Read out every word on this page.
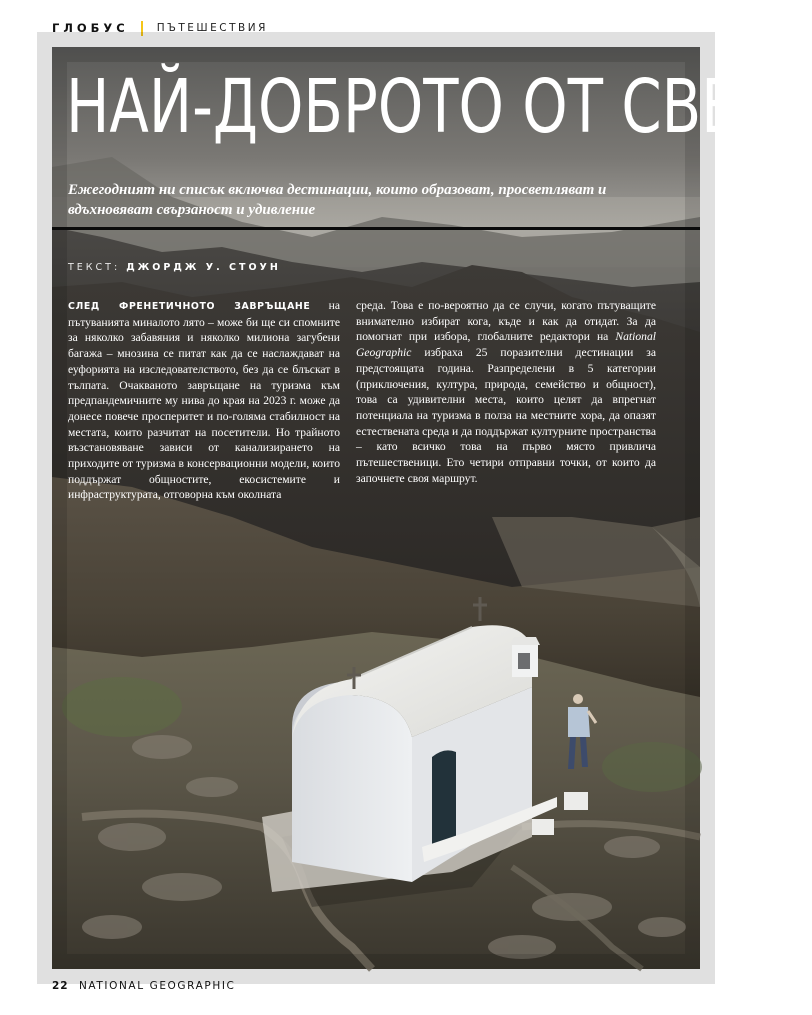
ГЛОБУС	ПЪТЕШЕСТВИЯ
НАЙ-ДОБРОТО ОТ СВЕТА

Ежегодният ни списък включва дестинации, които образоват, просветляват и вдъхновяват свързаност и удивление

ТЕКСТ: ДЖОРДЖ У. СТОУН

СЛЕД ФРЕНЕТИЧНОТО ЗАВРЪЩАНЕ на пътуванията миналото лято – може би ще си спомните за няколко забавяния и няколко милиона загубени багажа – мнозина се питат как да се наслаждават на еуфорията на изследователството, без да се блъскат в тълпата. Очакваното завръщане на туризма към предпандемичните му нива до края на 2023 г. може да донесе повече просперитет и по-голяма стабилност на местата, които разчитат на посетители. Но трайното възстановяване зависи от канализирането на приходите от туризма в консервационни модели, които поддържат общностите, екосистемите и инфраструктурата, отговорна към околната

среда. Това е по-вероятно да се случи, когато пътуващите внимателно избират кога, къде и как да отидат. За да помогнат при избора, глобалните редактори на National Geographic избраха 25 поразителни дестинации за предстоящата година. Разпределени в 5 категории (приключения, култура, природа, семейство и общност), това са удивителни места, които целят да впрегнат потенциала на туризма в полза на местните хора, да опазят естествената среда и да поддържат културните пространства – като всичко това на първо място привлича пътешественици. Ето четири отправни точки, от които да започнете своя маршрут.

22 NATIONAL GEOGRAPHIC
